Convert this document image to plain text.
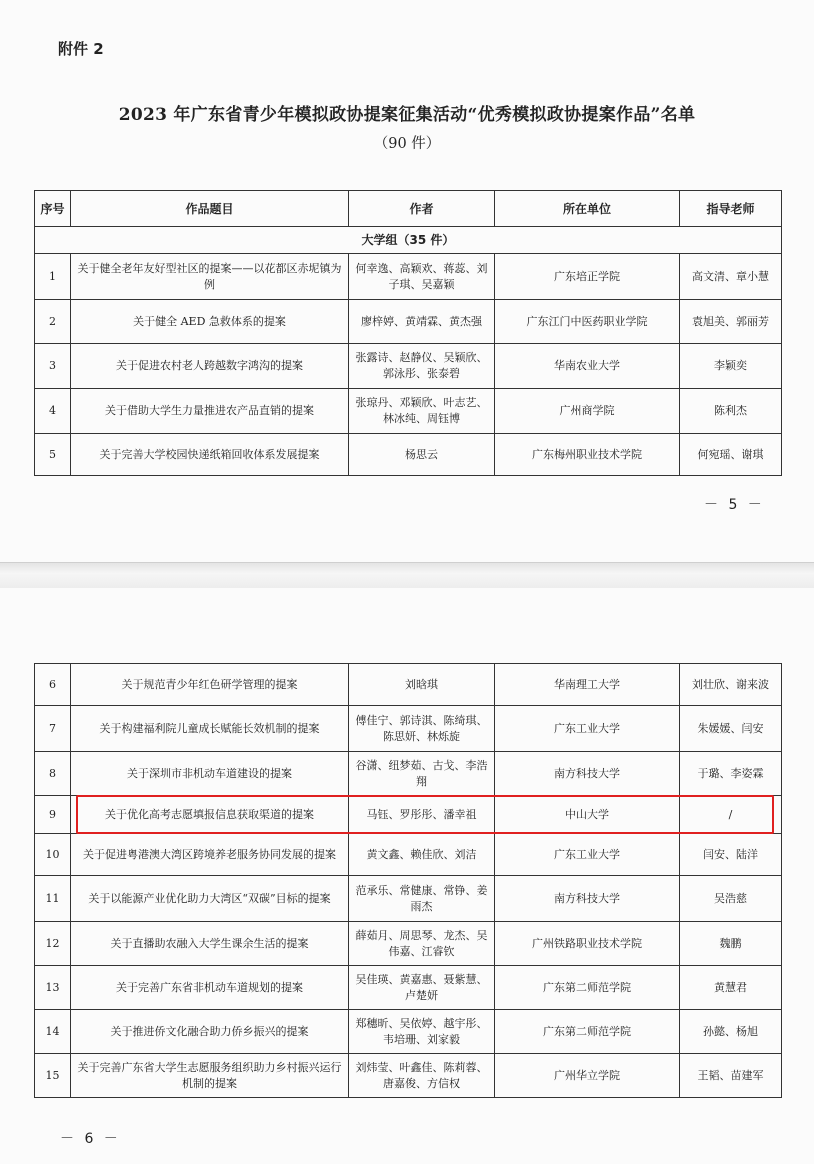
附件 2
2023 年广东省青少年模拟政协提案征集活动“优秀模拟政协提案作品”名单
（90 件）
序号	作品题目	作者	所在单位	指导老师
大学组（35 件）				
1	关于健全老年友好型社区的提案——以花都区赤坭镇为例	何幸逸、高颖欢、蒋蕊、刘子琪、吴嘉颖	广东培正学院	高文清、章小慧
2	关于健全 AED 急救体系的提案	廖梓婷、黄靖霖、黄杰强	广东江门中医药职业学院	袁旭美、郭丽芳
3	关于促进农村老人跨越数字鸿沟的提案	张露诗、赵静仪、吴颖欣、郭泳彤、张泰碧	华南农业大学	李颖奕
4	关于借助大学生力量推进农产品直销的提案	张琼丹、邓颖欣、叶志艺、林冰纯、周钰博	广州商学院	陈利杰
5	关于完善大学校园快递纸箱回收体系发展提案	杨思云	广东梅州职业技术学院	何宛瑶、谢琪
－ 5 －
－ 6 －
6	关于规范青少年红色研学管理的提案	刘晗琪	华南理工大学	刘壮欣、谢来波
7	关于构建福利院儿童成长赋能长效机制的提案	傅佳宁、郭诗淇、陈绮琪、陈思妍、林烁旋	广东工业大学	朱媛媛、闫安
8	关于深圳市非机动车道建设的提案	谷潇、纽梦茹、古戈、李浩翔	南方科技大学	于璐、李姿霖
9	关于优化高考志愿填报信息获取渠道的提案	马钰、罗彤彤、潘幸祖	中山大学	/
10	关于促进粤港澳大湾区跨境养老服务协同发展的提案	黄文鑫、赖佳欣、刘洁	广东工业大学	闫安、陆洋
11	关于以能源产业优化助力大湾区“双碳”目标的提案	范承乐、常健康、常铮、姜雨杰	南方科技大学	吴浩慈
12	关于直播助农融入大学生课余生活的提案	薛茹月、周思琴、龙杰、吴伟嘉、江睿钦	广州铁路职业技术学院	魏鹏
13	关于完善广东省非机动车道规划的提案	吴佳瑛、黄嘉惠、聂紫慧、卢楚妍	广东第二师范学院	黄慧君
14	关于推进侨文化融合助力侨乡振兴的提案	郑穗昕、吴依婷、越宇彤、韦培珊、刘家毅	广东第二师范学院	孙懿、杨旭
15	关于完善广东省大学生志愿服务组织助力乡村振兴运行机制的提案	刘炜莹、叶鑫佳、陈莉蓉、唐嘉俊、方信权	广州华立学院	王韬、苗建军
